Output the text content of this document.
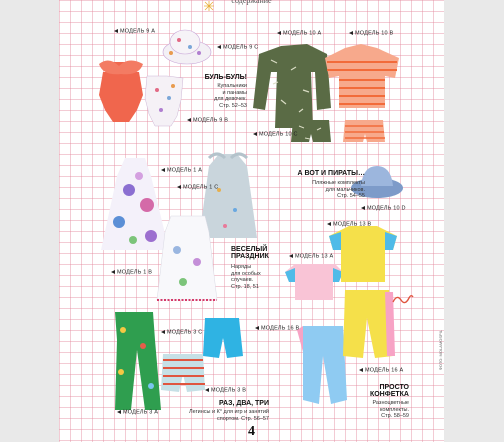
содержание
МОДЕЛЬ 9 А
МОДЕЛЬ 9 С
МОДЕЛЬ 9 В
МОДЕЛЬ 10 А	МОДЕЛЬ 10 В
МОДЕЛЬ 10 С
МОДЕЛЬ 10 D
МОДЕЛЬ 1 А
МОДЕЛЬ 1 С
МОДЕЛЬ 1 В
МОДЕЛЬ 13 А
МОДЕЛЬ 13 В
МОДЕЛЬ 3 С
МОДЕЛЬ 3 В
МОДЕЛЬ 3 А
МОДЕЛЬ 16 В
МОДЕЛЬ 16 А
БУЛЬ-БУЛЬ!
Купальники
и панамы
для девочек.
Стр. 52–53
А ВОТ И ПИРАТЫ…
Пляжные комплекты
для мальчиков.
Стр. 54–55
ВЕСЕЛЫЙ ПРАЗДНИК
Наряды
для особых
случаев.
Стр. 18, 51
РАЗ, ДВА, ТРИ
Легинсы и К° для игр и занятий
спортом. Стр. 56–57
ПРОСТО КОНФЕТКА
Разноцветные
комплекты.
Стр. 58–59
ФОТО: MOLAMOSPIL
4
